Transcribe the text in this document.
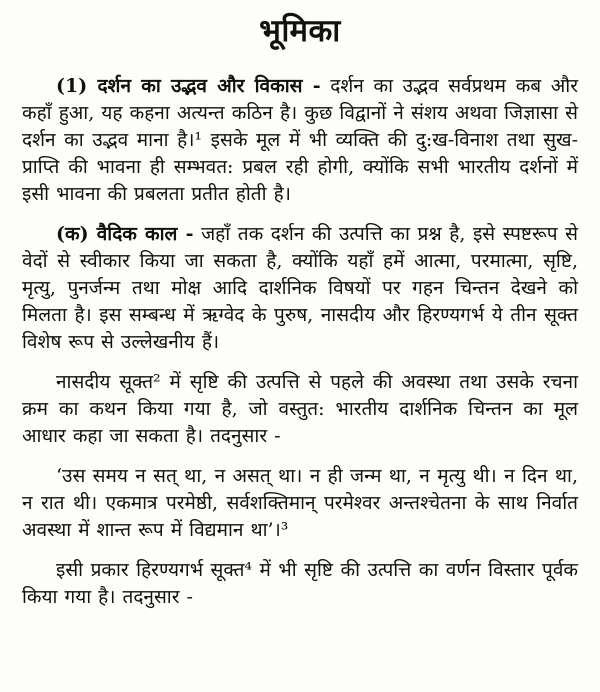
भूमिका

(1) दर्शन का उद्भव और विकास - दर्शन का उद्भव सर्वप्रथम कब और कहाँ हुआ, यह कहना अत्यन्त कठिन है। कुछ विद्वानों ने संशय अथवा जिज्ञासा से दर्शन का उद्भव माना है।¹ इसके मूल में भी व्यक्ति की दु:ख-विनाश तथा सुख-प्राप्ति की भावना ही सम्भवत: प्रबल रही होगी, क्योंकि सभी भारतीय दर्शनों में इसी भावना की प्रबलता प्रतीत होती है।

(क) वैदिक काल - जहाँ तक दर्शन की उत्पत्ति का प्रश्न है, इसे स्पष्टरूप से वेदों से स्वीकार किया जा सकता है, क्योंकि यहाँ हमें आत्मा, परमात्मा, सृष्टि, मृत्यु, पुनर्जन्म तथा मोक्ष आदि दार्शनिक विषयों पर गहन चिन्तन देखने को मिलता है। इस सम्बन्ध में ऋग्वेद के पुरुष, नासदीय और हिरण्यगर्भ ये तीन सूक्त विशेष रूप से उल्लेखनीय हैं।

नासदीय सूक्त² में सृष्टि की उत्पत्ति से पहले की अवस्था तथा उसके रचना क्रम का कथन किया गया है, जो वस्तुत: भारतीय दार्शनिक चिन्तन का मूल आधार कहा जा सकता है। तदनुसार -

‘उस समय न सत् था, न असत् था। न ही जन्म था, न मृत्यु थी। न दिन था, न रात थी। एकमात्र परमेष्ठी, सर्वशक्तिमान् परमेश्वर अन्तश्चेतना के साथ निर्वात अवस्था में शान्त रूप में विद्यमान था’।³

इसी प्रकार हिरण्यगर्भ सूक्त⁴ में भी सृष्टि की उत्पत्ति का वर्णन विस्तार पूर्वक किया गया है। तदनुसार -
